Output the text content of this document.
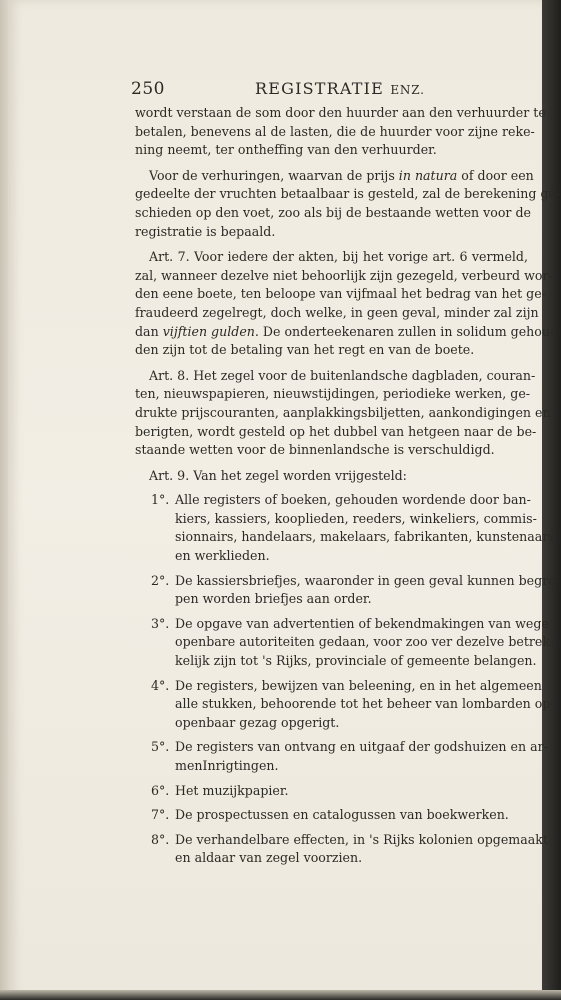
250	REGISTRATIE ENZ.
wordt verstaan de som door den huurder aan den verhuurder te
betalen, benevens al de lasten, die de huurder voor zijne reke-
ning neemt, ter ontheffing van den verhuurder.
Voor de verhuringen, waarvan de prijs in natura of door een
gedeelte der vruchten betaalbaar is gesteld, zal de berekening ge-
schieden op den voet, zoo als bij de bestaande wetten voor de
registratie is bepaald.
Art. 7. Voor iedere der akten, bij het vorige art. 6 vermeld,
zal, wanneer dezelve niet behoorlijk zijn gezegeld, verbeurd wor-
den eene boete, ten beloope van vijfmaal het bedrag van het ge-
fraudeerd zegelregt, doch welke, in geen geval, minder zal zijn
dan vijftien gulden. De onderteekenaren zullen in solidum gehou-
den zijn tot de betaling van het regt en van de boete.
Art. 8. Het zegel voor de buitenlandsche dagbladen, couran-
ten, nieuwspapieren, nieuwstijdingen, periodieke werken, ge-
drukte prijscouranten, aanplakkingsbiljetten, aankondigingen en
berigten, wordt gesteld op het dubbel van hetgeen naar de be-
staande wetten voor de binnenlandsche is verschuldigd.
Art. 9. Van het zegel worden vrijgesteld:
1°. Alle registers of boeken, gehouden wordende door ban-
kiers, kassiers, kooplieden, reeders, winkeliers, commis-
sionnairs, handelaars, makelaars, fabrikanten, kunstenaars
en werklieden.
2°. De kassiersbriefjes, waaronder in geen geval kunnen begre-
pen worden briefjes aan order.
3°. De opgave van advertentien of bekendmakingen van wege
openbare autoriteiten gedaan, voor zoo ver dezelve betrek-
kelijk zijn tot 's Rijks, provinciale of gemeente belangen.
4°. De registers, bewijzen van beleening, en in het algemeen
alle stukken, behoorende tot het beheer van lombarden op
openbaar gezag opgerigt.
5°. De registers van ontvang en uitgaaf der godshuizen en ar-
menInrigtingen.
6°. Het muzijkpapier.
7°. De prospectussen en catalogussen van boekwerken.
8°. De verhandelbare effecten, in 's Rijks kolonien opgemaakt
en aldaar van zegel voorzien.
